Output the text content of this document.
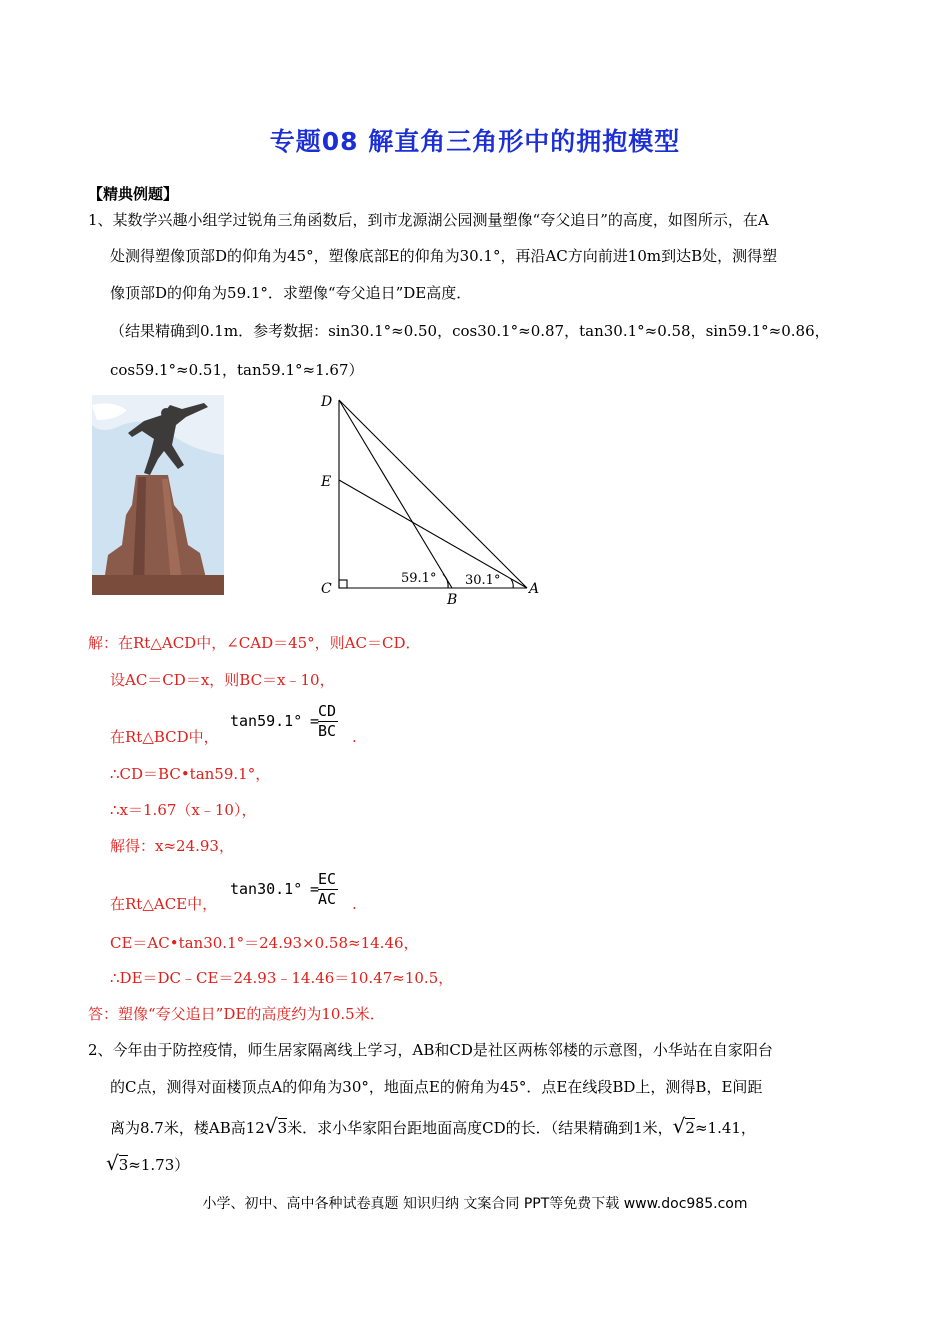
专题08 解直角三角形中的拥抱模型
【精典例题】
1、某数学兴趣小组学过锐角三角函数后，到市龙源湖公园测量塑像“夸父追日”的高度，如图所示，在A
处测得塑像顶部D的仰角为45°，塑像底部E的仰角为30.1°，再沿AC方向前进10m到达B处，测得塑
像顶部D的仰角为59.1°．求塑像“夸父追日”DE高度．
（结果精确到0.1m．参考数据：sin30.1°≈0.50，cos30.1°≈0.87，tan30.1°≈0.58，sin59.1°≈0.86，
cos59.1°≈0.51，tan59.1°≈1.67）
D
E
C
B
A
59.1° 30.1°
解：在Rt△ACD中，∠CAD＝45°，则AC＝CD．
设AC＝CD＝x，则BC＝x﹣10，
在Rt△BCD中，
tan59.1° =
CD
BC .
∴CD＝BC•tan59.1°，
∴x＝1.67（x﹣10），
解得：x≈24.93，
在Rt△ACE中，
tan30.1° =
EC
AC .
CE＝AC•tan30.1°＝24.93×0.58≈14.46，
∴DE＝DC﹣CE＝24.93﹣14.46＝10.47≈10.5，
答：塑像“夸父追日”DE的高度约为10.5米．
2、今年由于防控疫情，师生居家隔离线上学习，AB和CD是社区两栋邻楼的示意图，小华站在自家阳台
的C点，测得对面楼顶点A的仰角为30°，地面点E的俯角为45°．点E在线段BD上，测得B，E间距
离为8.7米，楼AB高12√3米．求小华家阳台距地面高度CD的长．（结果精确到1米，√2≈1.41，
√3≈1.73）
小学、初中、高中各种试卷真题 知识归纳 文案合同 PPT等免费下载 www.doc985.com
